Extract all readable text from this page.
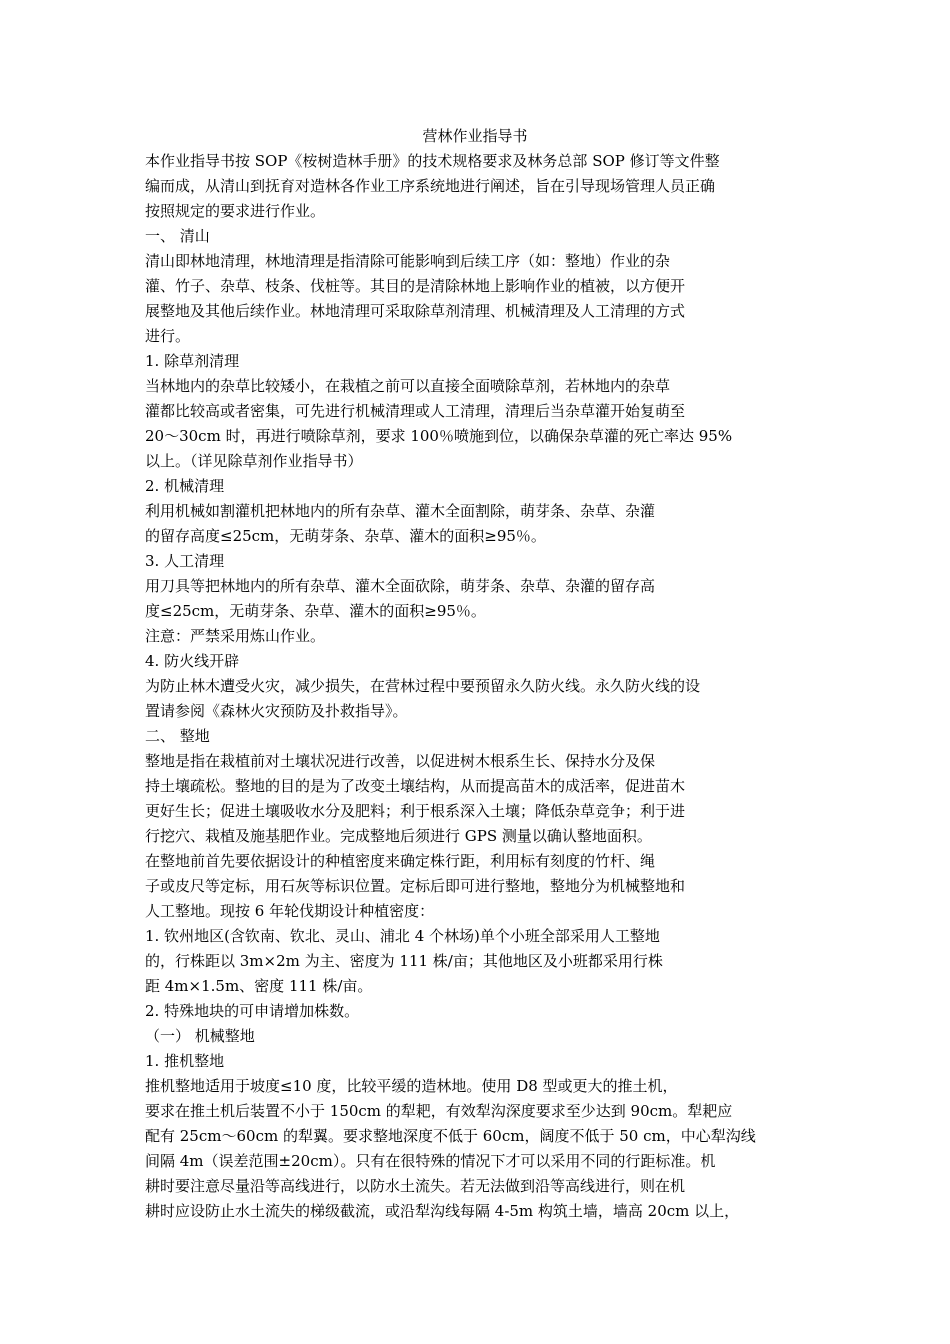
营林作业指导书
本作业指导书按 SOP《桉树造林手册》的技术规格要求及林务总部 SOP 修订等文件整
编而成，从清山到抚育对造林各作业工序系统地进行阐述，旨在引导现场管理人员正确
按照规定的要求进行作业。
一、 清山
清山即林地清理，林地清理是指清除可能影响到后续工序（如：整地）作业的杂
灌、竹子、杂草、枝条、伐桩等。其目的是清除林地上影响作业的植被，以方便开
展整地及其他后续作业。林地清理可采取除草剂清理、机械清理及人工清理的方式
进行。
1. 除草剂清理
当林地内的杂草比较矮小，在栽植之前可以直接全面喷除草剂，若林地内的杂草
灌都比较高或者密集，可先进行机械清理或人工清理，清理后当杂草灌开始复萌至
20～30cm 时，再进行喷除草剂，要求 100％喷施到位，以确保杂草灌的死亡率达 95%
以上。（详见除草剂作业指导书）
2. 机械清理
利用机械如割灌机把林地内的所有杂草、灌木全面割除，萌芽条、杂草、杂灌
的留存高度≤25cm，无萌芽条、杂草、灌木的面积≥95％。
3. 人工清理
用刀具等把林地内的所有杂草、灌木全面砍除，萌芽条、杂草、杂灌的留存高
度≤25cm，无萌芽条、杂草、灌木的面积≥95％。
注意：严禁采用炼山作业。
4. 防火线开辟
为防止林木遭受火灾，减少损失，在营林过程中要预留永久防火线。永久防火线的设
置请参阅《森林火灾预防及扑救指导》。
二、 整地
整地是指在栽植前对土壤状况进行改善，以促进树木根系生长、保持水分及保
持土壤疏松。整地的目的是为了改变土壤结构，从而提高苗木的成活率，促进苗木
更好生长；促进土壤吸收水分及肥料；利于根系深入土壤；降低杂草竞争；利于进
行挖穴、栽植及施基肥作业。完成整地后须进行 GPS 测量以确认整地面积。
在整地前首先要依据设计的种植密度来确定株行距，利用标有刻度的竹杆、绳
子或皮尺等定标，用石灰等标识位置。定标后即可进行整地，整地分为机械整地和
人工整地。现按 6 年轮伐期设计种植密度：
1. 钦州地区(含钦南、钦北、灵山、浦北 4 个林场)单个小班全部采用人工整地
的，行株距以 3m×2m 为主、密度为 111 株/亩；其他地区及小班都采用行株
距 4m×1.5m、密度 111 株/亩。
2. 特殊地块的可申请增加株数。
（一） 机械整地
1. 推机整地
推机整地适用于坡度≤10 度，比较平缓的造林地。使用 D8 型或更大的推土机，
要求在推土机后装置不小于 150cm 的犁耙，有效犁沟深度要求至少达到 90cm。犁耙应
配有 25cm～60cm 的犁翼。要求整地深度不低于 60cm，阔度不低于 50 cm，中心犁沟线
间隔 4m（误差范围±20cm）。只有在很特殊的情况下才可以采用不同的行距标准。机
耕时要注意尽量沿等高线进行，以防水土流失。若无法做到沿等高线进行，则在机
耕时应设防止水土流失的梯级截流，或沿犁沟线每隔 4-5m 构筑土墙，墙高 20cm 以上，
